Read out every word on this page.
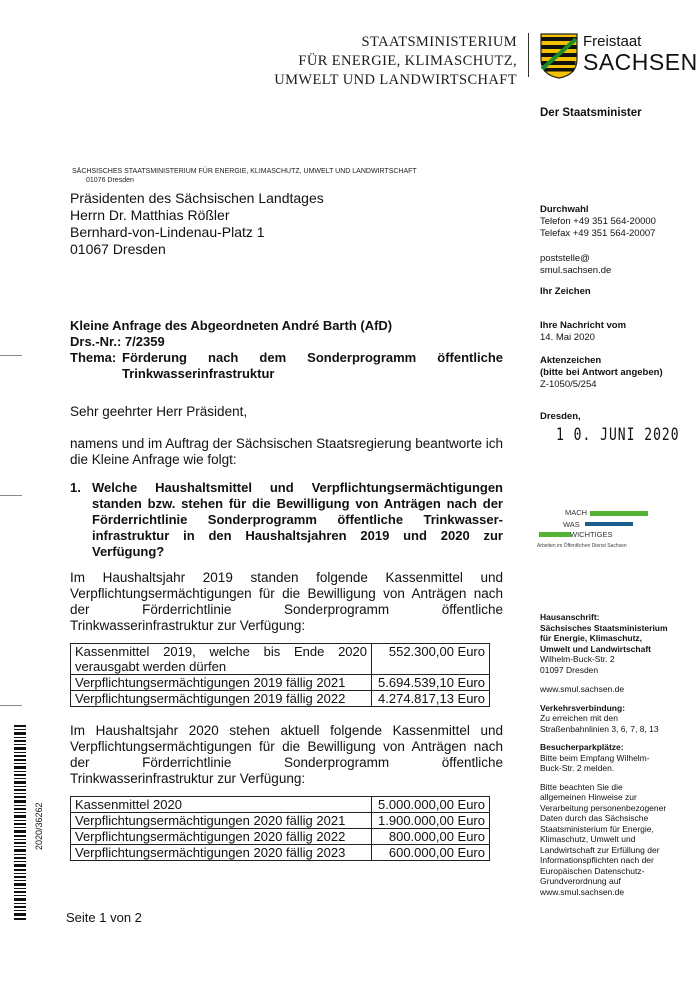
STAATSMINISTERIUM
FÜR ENERGIE, KLIMASCHUTZ,
UMWELT UND LANDWIRTSCHAFT
Freistaat
SACHSEN
Der Staatsminister
SÄCHSISCHES STAATSMINISTERIUM FÜR ENERGIE, KLIMASCHUTZ, UMWELT UND LANDWIRTSCHAFT
01076 Dresden
Präsidenten des Sächsischen Landtages
Herrn Dr. Matthias Rößler
Bernhard-von-Lindenau-Platz 1
01067 Dresden
Durchwahl
Telefon +49 351 564-20000
Telefax +49 351 564-20007
poststelle@
smul.sachsen.de
Ihr Zeichen
Ihre Nachricht vom
14. Mai 2020
Aktenzeichen
(bitte bei Antwort angeben)
Z-1050/5/254
Dresden,
1 0. JUNI 2020
MACH
WAS
WICHTIGES
Arbeiten im Öffentlichen Dienst Sachsen
Hausanschrift:
Sächsisches Staatsministerium
für Energie, Klimaschutz,
Umwelt und Landwirtschaft
Wilhelm-Buck-Str. 2
01097 Dresden
www.smul.sachsen.de
Verkehrsverbindung:
Zu erreichen mit den
Straßenbahnlinien 3, 6, 7, 8, 13
Besucherparkplätze:
Bitte beim Empfang Wilhelm-
Buck-Str. 2 melden.
Bitte beachten Sie die
allgemeinen Hinweise zur
Verarbeitung personenbezogener
Daten durch das Sächsische
Staatsministerium für Energie,
Klimaschutz, Umwelt und
Landwirtschaft zur Erfüllung der
Informationspflichten nach der
Europäischen Datenschutz-
Grundverordnung auf
www.smul.sachsen.de
Kleine Anfrage des Abgeordneten André Barth (AfD)
Drs.-Nr.: 7/2359
Thema: Förderung nach dem Sonderprogramm öffentliche
Trinkwasserinfrastruktur
Sehr geehrter Herr Präsident,
namens und im Auftrag der Sächsischen Staatsregierung beantworte ich die Kleine Anfrage wie folgt:
1. Welche Haushaltsmittel und Verpflichtungsermächtigungen standen bzw. stehen für die Bewilligung von Anträgen nach der Förderrichtlinie Sonderprogramm öffentliche Trinkwasser-infrastruktur in den Haushaltsjahren 2019 und 2020 zur Verfügung?
Im Haushaltsjahr 2019 standen folgende Kassenmittel und Verpflichtungsermächtigungen für die Bewilligung von Anträgen nach der Förderrichtlinie Sonderprogramm öffentliche Trinkwasserinfrastruktur zur Verfügung:
Kassenmittel 2019, welche bis Ende 2020 verausgabt werden dürfen	552.300,00 Euro
Verpflichtungsermächtigungen 2019 fällig 2021	5.694.539,10 Euro
Verpflichtungsermächtigungen 2019 fällig 2022	4.274.817,13 Euro
Im Haushaltsjahr 2020 stehen aktuell folgende Kassenmittel und Verpflichtungsermächtigungen für die Bewilligung von Anträgen nach der Förderrichtlinie Sonderprogramm öffentliche Trinkwasserinfrastruktur zur Verfügung:
Kassenmittel 2020	5.000.000,00 Euro
Verpflichtungsermächtigungen 2020 fällig 2021	1.900.000,00 Euro
Verpflichtungsermächtigungen 2020 fällig 2022	800.000,00 Euro
Verpflichtungsermächtigungen 2020 fällig 2023	600.000,00 Euro
2020/36262
Seite 1 von 2
